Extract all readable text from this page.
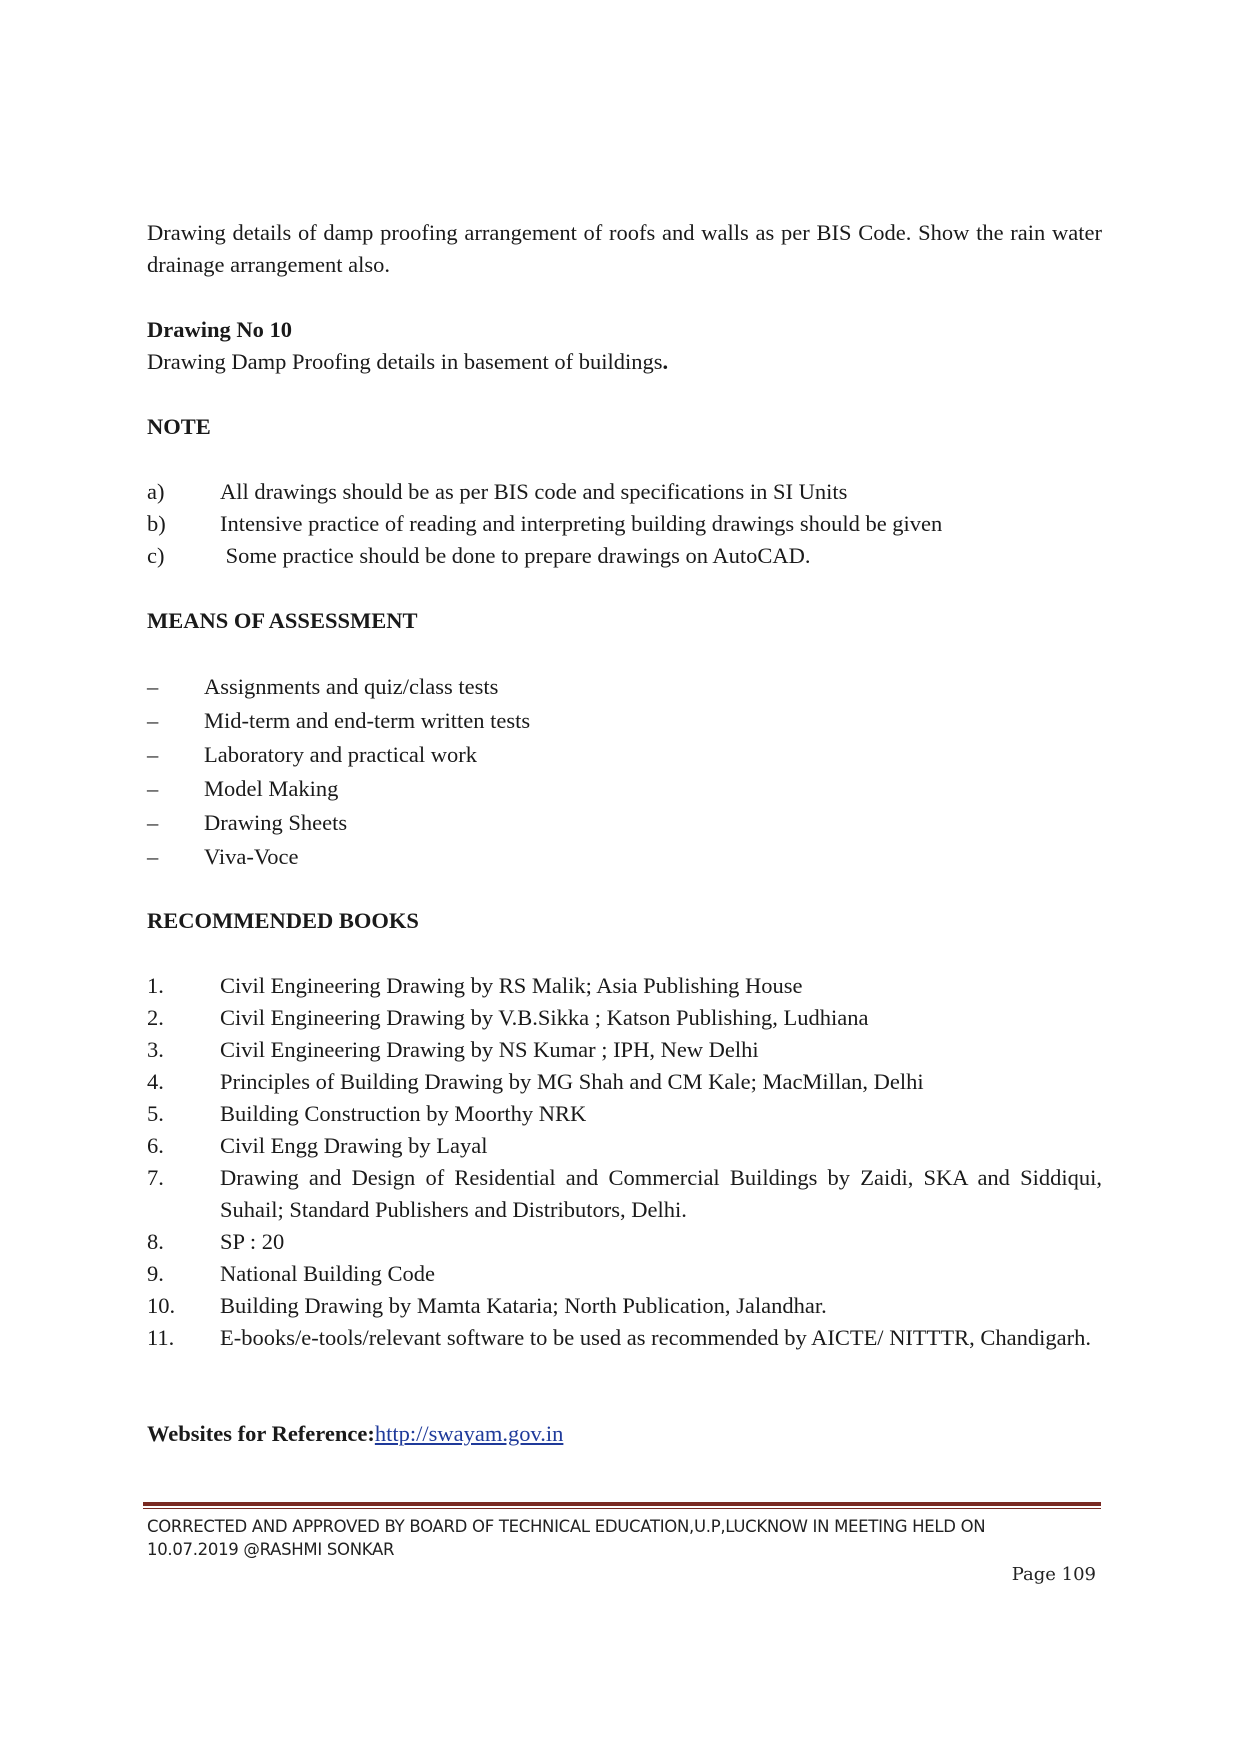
Drawing details of damp proofing arrangement of roofs and walls as per BIS Code. Show the rain water drainage arrangement also.
Drawing No 10
Drawing Damp Proofing details in basement of buildings.
NOTE
a)	All drawings should be as per BIS code and specifications in SI Units
b)	Intensive practice of reading and interpreting building drawings should be given
c)	Some practice should be done to prepare drawings on AutoCAD.
MEANS OF ASSESSMENT
–	Assignments and quiz/class tests
–	Mid-term and end-term written tests
–	Laboratory and practical work
–	Model Making
–	Drawing Sheets
–	Viva-Voce
RECOMMENDED BOOKS
1.	Civil Engineering Drawing by RS Malik; Asia Publishing House
2.	Civil Engineering Drawing by V.B.Sikka ; Katson Publishing, Ludhiana
3.	Civil Engineering Drawing by NS Kumar ; IPH, New Delhi
4.	Principles of Building Drawing by MG Shah and CM Kale; MacMillan, Delhi
5.	Building Construction by Moorthy NRK
6.	Civil Engg Drawing by Layal
7.	Drawing and Design of Residential and Commercial Buildings by Zaidi, SKA and Siddiqui, Suhail; Standard Publishers and Distributors, Delhi.
8.	SP : 20
9.	National Building Code
10.	Building Drawing by Mamta Kataria; North Publication, Jalandhar.
11.	E-books/e-tools/relevant software to be used as recommended by AICTE/ NITTTR, Chandigarh.
Websites for Reference:http://swayam.gov.in
CORRECTED AND APPROVED BY BOARD OF TECHNICAL EDUCATION,U.P,LUCKNOW IN MEETING HELD ON
10.07.2019 @RASHMI SONKAR
Page 109
